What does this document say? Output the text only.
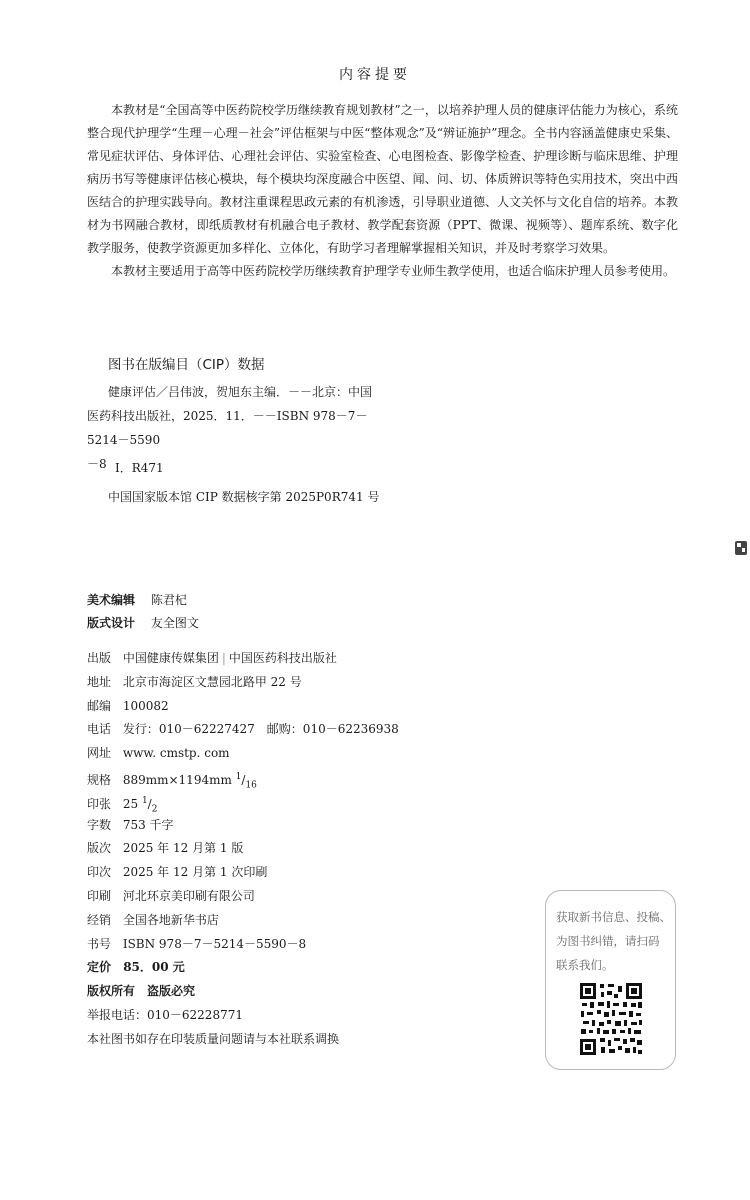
内容提要

本教材是“全国高等中医药院校学历继续教育规划教材”之一，以培养护理人员的健康评估能力为核心，系统整合现代护理学“生理－心理－社会”评估框架与中医“整体观念”及“辨证施护”理念。全书内容涵盖健康史采集、常见症状评估、身体评估、心理社会评估、实验室检查、心电图检查、影像学检查、护理诊断与临床思维、护理病历书写等健康评估核心模块，每个模块均深度融合中医望、闻、问、切、体质辨识等特色实用技术，突出中西医结合的护理实践导向。教材注重课程思政元素的有机渗透，引导职业道德、人文关怀与文化自信的培养。本教材为书网融合教材，即纸质教材有机融合电子教材、教学配套资源（PPT、微课、视频等）、题库系统、数字化教学服务，使教学资源更加多样化、立体化，有助学习者理解掌握相关知识，并及时考察学习效果。

本教材主要适用于高等中医药院校学历继续教育护理学专业师生教学使用，也适合临床护理人员参考使用。

图书在版编目（CIP）数据
健康评估／吕伟波，贺旭东主编．－－北京：中国
医药科技出版社，2025．11．－－ISBN 978－7－5214－5590
－8 Ⅰ．R471
中国国家版本馆 CIP 数据核字第 2025P0R741 号
美术编辑 陈君杞
版式设计 友全图文
出版 中国健康传媒集团 | 中国医药科技出版社
地址 北京市海淀区文慧园北路甲 22 号
邮编 100082
电话 发行：010－62227427　邮购：010－62236938
网址 www. cmstp. com
规格 889mm×1194mm $^1/_{16}$
印张 25 $^1/_2$
字数 753 千字
版次 2025 年 12 月第 1 版
印次 2025 年 12 月第 1 次印刷
印刷 河北环京美印刷有限公司
经销 全国各地新华书店
书号 ISBN 978－7－5214－5590－8
定价 85．00 元
版权所有　盗版必究
举报电话：010－62228771
本社图书如存在印装质量问题请与本社联系调换
获取新书信息、投稿、
为图书纠错，请扫码
联系我们。
